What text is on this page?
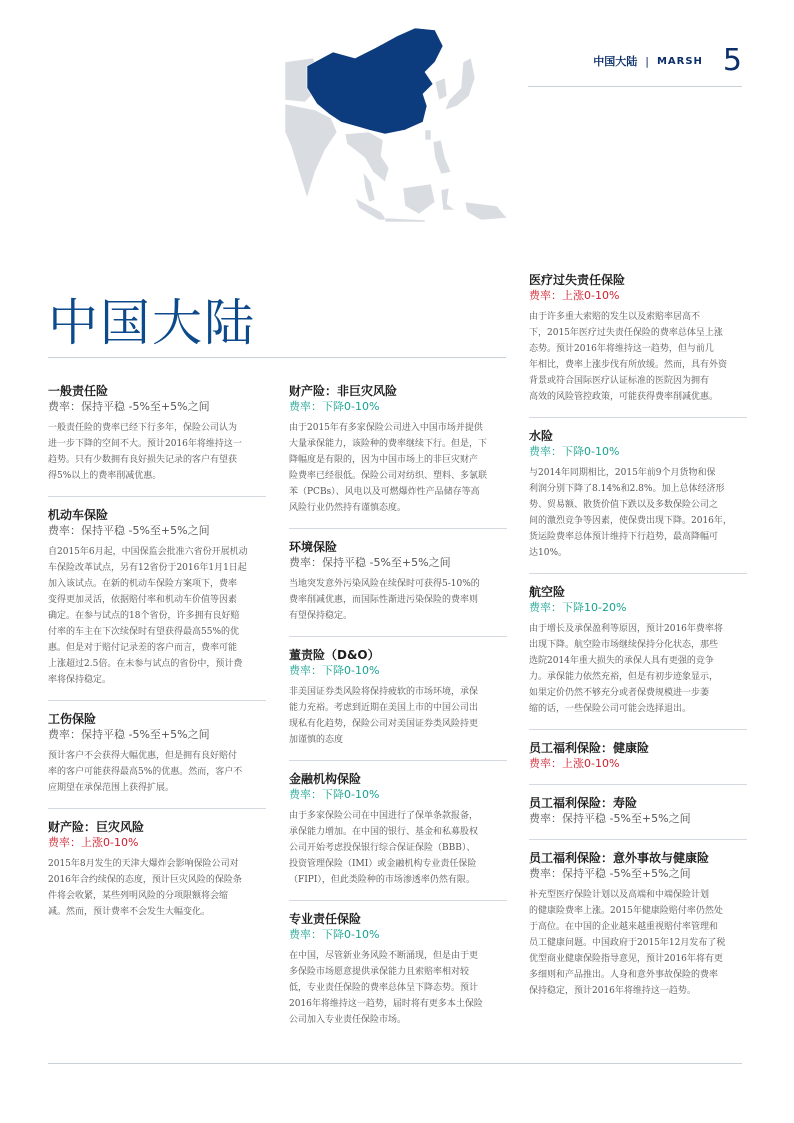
中国大陆 | MARSH 5
中国大陆
一般责任险
费率：保持平稳 -5%至+5%之间

一般责任险的费率已经下行多年，保险公司认为
进一步下降的空间不大。预计2016年将维持这一
趋势。只有少数拥有良好损失记录的客户有望获
得5%以上的费率削减优惠。

机动车保险
费率：保持平稳 -5%至+5%之间

自2015年6月起，中国保监会批准六省份开展机动
车保险改革试点，另有12省份于2016年1月1日起
加入该试点。在新的机动车保险方案项下，费率
变得更加灵活，依据赔付率和机动车价值等因素
确定。在参与试点的18个省份，许多拥有良好赔
付率的车主在下次续保时有望获得最高55%的优
惠。但是对于赔付记录差的客户而言，费率可能
上涨超过2.5倍。在未参与试点的省份中，预计费
率将保持稳定。

工伤保险
费率：保持平稳 -5%至+5%之间

预计客户不会获得大幅优惠，但是拥有良好赔付
率的客户可能获得最高5%的优惠。然而，客户不
应期望在承保范围上获得扩展。

财产险：巨灾风险
费率：上涨0-10%

2015年8月发生的天津大爆炸会影响保险公司对
2016年合约续保的态度，预计巨灾风险的保险条
件将会收紧，某些列明风险的分项限额将会缩
减。然而，预计费率不会发生大幅变化。

财产险：非巨灾风险
费率：下降0-10%

由于2015年有多家保险公司进入中国市场并提供
大量承保能力，该险种的费率继续下行。但是，下
降幅度是有限的，因为中国市场上的非巨灾财产
险费率已经很低。保险公司对纺织、塑料、多氯联
苯（PCBs）、风电以及可燃爆炸性产品储存等高
风险行业仍然持有谨慎态度。

环境保险
费率：保持平稳 -5%至+5%之间

当地突发意外污染风险在续保时可获得5-10%的
费率削减优惠，而国际性渐进污染保险的费率则
有望保持稳定。

董责险（D&O）
费率：下降0-10%

非美国证券类风险将保持疲软的市场环境，承保
能力充裕。考虑到近期在美国上市的中国公司出
现私有化趋势，保险公司对美国证券类风险持更
加谨慎的态度

金融机构保险
费率：下降0-10%

由于多家保险公司在中国进行了保单条款报备，
承保能力增加。在中国的银行、基金和私募股权
公司开始考虑投保银行综合保证保险（BBB）、
投资管理保险（IMI）或金融机构专业责任保险
（FIPI），但此类险种的市场渗透率仍然有限。

专业责任保险
费率：下降0-10%

在中国，尽管新业务风险不断涌现，但是由于更
多保险市场愿意提供承保能力且索赔率相对较
低，专业责任保险的费率总体呈下降态势。预计
2016年将维持这一趋势，届时将有更多本土保险
公司加入专业责任保险市场。

医疗过失责任保险
费率：上涨0-10%

由于许多重大索赔的发生以及索赔率居高不
下，2015年医疗过失责任保险的费率总体呈上涨
态势。预计2016年将维持这一趋势，但与前几
年相比，费率上涨步伐有所放缓。然而，具有外资
背景或符合国际医疗认证标准的医院因为拥有
高效的风险管控政策，可能获得费率削减优惠。

水险
费率：下降0-10%

与2014年同期相比，2015年前9个月货物和保
利润分别下降了8.14%和2.8%。加上总体经济形
势、贸易额、散货价值下跌以及多数保险公司之
间的激烈竞争等因素，使保费出现下降。2016年，
货运险费率总体预计维持下行趋势，最高降幅可
达10%。

航空险
费率：下降10-20%

由于增长及承保盈利等原因，预计2016年费率将
出现下降。航空险市场继续保持分化状态，那些
选院2014年重大损失的承保人具有更强的竞争
力。承保能力依然充裕，但是有初步迹象显示，
如果定价仍然不够充分或者保费规模进一步萎
缩的话，一些保险公司可能会选择退出。

员工福利保险：健康险
费率：上涨0-10%
员工福利保险：寿险
费率：保持平稳 -5%至+5%之间
员工福利保险：意外事故与健康险
费率：保持平稳 -5%至+5%之间

补充型医疗保险计划以及高端和中端保险计划
的健康险费率上涨。2015年健康险赔付率仍然处
于高位。在中国的企业越来越重视赔付率管理和
员工健康问题。中国政府于2015年12月发布了税
优型商业健康保险指导意见，预计2016年将有更
多细则和产品推出。人身和意外事故保险的费率
保持稳定，预计2016年将维持这一趋势。
